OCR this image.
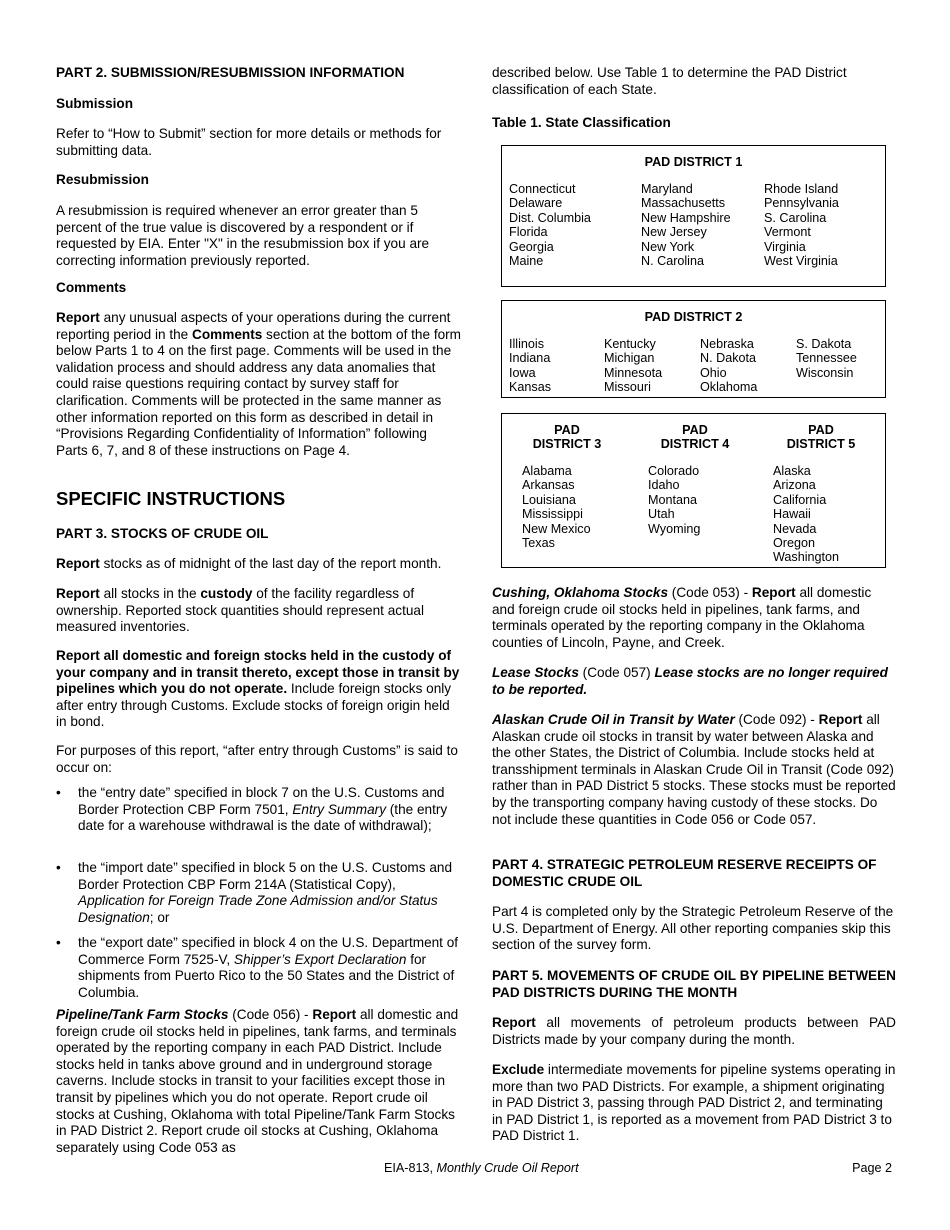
PART 2. SUBMISSION/RESUBMISSION INFORMATION

Submission

Refer to “How to Submit” section for more details or methods for submitting data.

Resubmission

A resubmission is required whenever an error greater than 5 percent of the true value is discovered by a respondent or if requested by EIA. Enter "X" in the resubmission box if you are correcting information previously reported.

Comments

Report any unusual aspects of your operations during the current reporting period in the Comments section at the bottom of the form below Parts 1 to 4 on the first page. Comments will be used in the validation process and should address any data anomalies that could raise questions requiring contact by survey staff for clarification. Comments will be protected in the same manner as other information reported on this form as described in detail in “Provisions Regarding Confidentiality of Information” following Parts 6, 7, and 8 of these instructions on Page 4.

SPECIFIC INSTRUCTIONS

PART 3. STOCKS OF CRUDE OIL

Report stocks as of midnight of the last day of the report month.

Report all stocks in the custody of the facility regardless of ownership. Reported stock quantities should represent actual measured inventories.

Report all domestic and foreign stocks held in the custody of your company and in transit thereto, except those in transit by pipelines which you do not operate. Include foreign stocks only after entry through Customs. Exclude stocks of foreign origin held in bond.

For purposes of this report, “after entry through Customs” is said to occur on:

• the “entry date” specified in block 7 on the U.S. Customs and Border Protection CBP Form 7501, Entry Summary (the entry date for a warehouse withdrawal is the date of withdrawal);
• the “import date” specified in block 5 on the U.S. Customs and Border Protection CBP Form 214A (Statistical Copy), Application for Foreign Trade Zone Admission and/or Status Designation; or
• the “export date” specified in block 4 on the U.S. Department of Commerce Form 7525-V, Shipper’s Export Declaration for shipments from Puerto Rico to the 50 States and the District of Columbia.

Pipeline/Tank Farm Stocks (Code 056) - Report all domestic and foreign crude oil stocks held in pipelines, tank farms, and terminals operated by the reporting company in each PAD District. Include stocks held in tanks above ground and in underground storage caverns. Include stocks in transit to your facilities except those in transit by pipelines which you do not operate. Report crude oil stocks at Cushing, Oklahoma with total Pipeline/Tank Farm Stocks in PAD District 2. Report crude oil stocks at Cushing, Oklahoma separately using Code 053 as

described below. Use Table 1 to determine the PAD District classification of each State.

Table 1. State Classification

PAD DISTRICT 1
Connecticut
Delaware
Dist. Columbia
Florida
Georgia
Maine
Maryland
Massachusetts
New Hampshire
New Jersey
New York
N. Carolina
Rhode Island
Pennsylvania
S. Carolina
Vermont
Virginia
West Virginia
PAD DISTRICT 2
Illinois
Indiana
Iowa
Kansas
Kentucky
Michigan
Minnesota
Missouri
Nebraska
N. Dakota
Ohio
Oklahoma
S. Dakota
Tennessee
Wisconsin
PAD
DISTRICT 3
PAD
DISTRICT 4
PAD
DISTRICT 5
Alabama
Arkansas
Louisiana
Mississippi
New Mexico
Texas
Colorado
Idaho
Montana
Utah
Wyoming
Alaska
Arizona
California
Hawaii
Nevada
Oregon
Washington

Cushing, Oklahoma Stocks (Code 053) - Report all domestic and foreign crude oil stocks held in pipelines, tank farms, and terminals operated by the reporting company in the Oklahoma counties of Lincoln, Payne, and Creek.

Lease Stocks (Code 057) Lease stocks are no longer required to be reported.

Alaskan Crude Oil in Transit by Water (Code 092) - Report all Alaskan crude oil stocks in transit by water between Alaska and the other States, the District of Columbia. Include stocks held at transshipment terminals in Alaskan Crude Oil in Transit (Code 092) rather than in PAD District 5 stocks. These stocks must be reported by the transporting company having custody of these stocks. Do not include these quantities in Code 056 or Code 057.

PART 4. STRATEGIC PETROLEUM RESERVE RECEIPTS OF DOMESTIC CRUDE OIL

Part 4 is completed only by the Strategic Petroleum Reserve of the U.S. Department of Energy. All other reporting companies skip this section of the survey form.

PART 5. MOVEMENTS OF CRUDE OIL BY PIPELINE BETWEEN PAD DISTRICTS DURING THE MONTH

Report all movements of petroleum products between PAD Districts made by your company during the month.

Exclude intermediate movements for pipeline systems operating in more than two PAD Districts. For example, a shipment originating in PAD District 3, passing through PAD District 2, and terminating in PAD District 1, is reported as a movement from PAD District 3 to PAD District 1.

EIA-813, Monthly Crude Oil Report	Page 2
